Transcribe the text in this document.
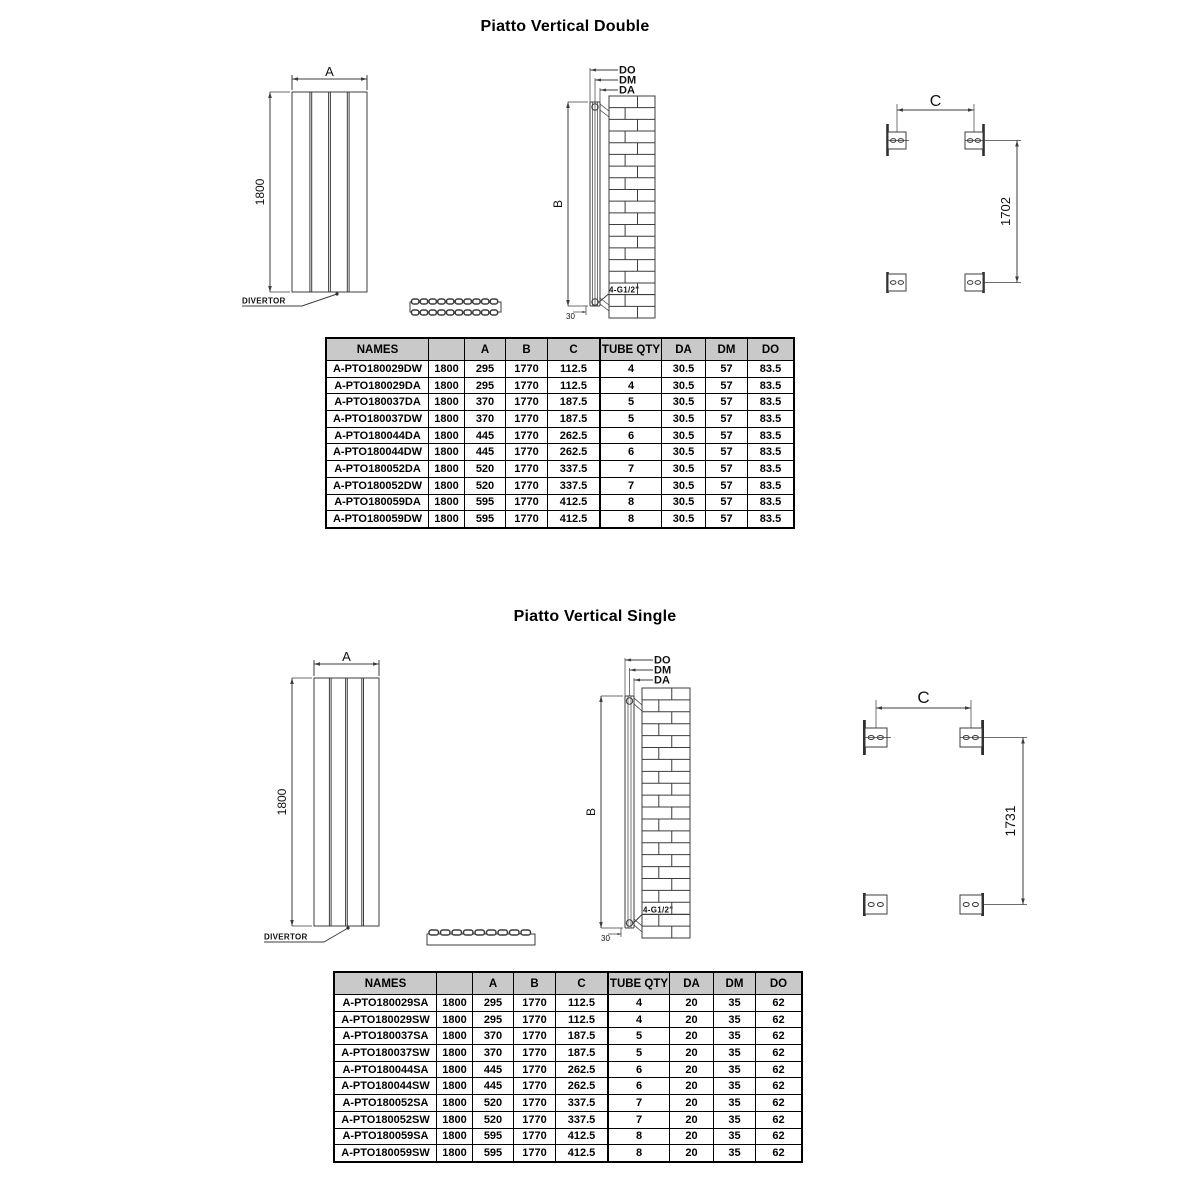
Piatto Vertical Double
A
1800
DIVERTOR
DO
DM
DA
B
4-G1/2"
30
C
1702
NAMES		A	B	C	TUBE QTY	DA	DM	DO
A-PTO180029DW	1800	295	1770	112.5	4	30.5	57	83.5
A-PTO180029DA	1800	295	1770	112.5	4	30.5	57	83.5
A-PTO180037DA	1800	370	1770	187.5	5	30.5	57	83.5
A-PTO180037DW	1800	370	1770	187.5	5	30.5	57	83.5
A-PTO180044DA	1800	445	1770	262.5	6	30.5	57	83.5
A-PTO180044DW	1800	445	1770	262.5	6	30.5	57	83.5
A-PTO180052DA	1800	520	1770	337.5	7	30.5	57	83.5
A-PTO180052DW	1800	520	1770	337.5	7	30.5	57	83.5
A-PTO180059DA	1800	595	1770	412.5	8	30.5	57	83.5
A-PTO180059DW	1800	595	1770	412.5	8	30.5	57	83.5
Piatto Vertical Single
A
1800
DIVERTOR
DO
DM
DA
B
4-G1/2"
30
C
1731
NAMES		A	B	C	TUBE QTY	DA	DM	DO
A-PTO180029SA	1800	295	1770	112.5	4	20	35	62
A-PTO180029SW	1800	295	1770	112.5	4	20	35	62
A-PTO180037SA	1800	370	1770	187.5	5	20	35	62
A-PTO180037SW	1800	370	1770	187.5	5	20	35	62
A-PTO180044SA	1800	445	1770	262.5	6	20	35	62
A-PTO180044SW	1800	445	1770	262.5	6	20	35	62
A-PTO180052SA	1800	520	1770	337.5	7	20	35	62
A-PTO180052SW	1800	520	1770	337.5	7	20	35	62
A-PTO180059SA	1800	595	1770	412.5	8	20	35	62
A-PTO180059SW	1800	595	1770	412.5	8	20	35	62
